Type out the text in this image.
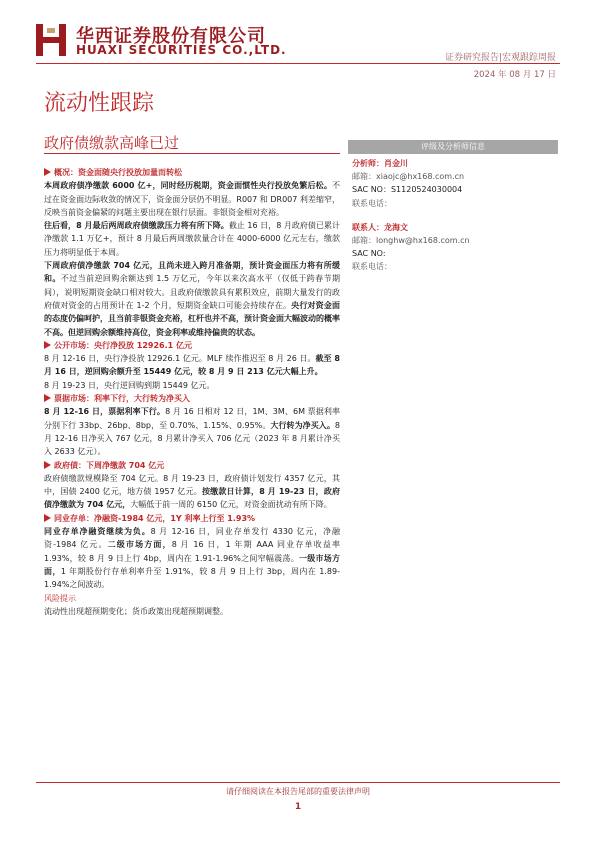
华西证券股份有限公司
HUAXI SECURITIES CO.,LTD.
证券研究报告|宏观跟踪周报
2024 年 08 月 17 日
流动性跟踪
政府债缴款高峰已过

概况：资金面随央行投放加量而转松

本周政府债净缴款 6000 亿+，同时经历税期，资金面惯性央行投放免繁后松。不过在资金面边际收敛的情况下，资金面分层仍不明显。R007 和 DR007 利差缩窄，反映当前资金偏紧的问题主要出现在银行层面。非银资金相对充裕。

往后看，8 月最后两周政府债缴款压力将有所下降。截止 16 日，8 月政府债已累计净缴款 1.1 万亿+，预计 8 月最后两周缴款量合计在 4000-6000 亿元左右，缴款压力将明显低于本周。

下周政府债净缴款 704 亿元，且尚未进入跨月准备期，预计资金面压力将有所缓和。不过当前逆回购余额达到 1.5 万亿元，今年以来次高水平（仅低于跨春节期间），说明短期资金缺口相对较大。且政府债缴款具有累积效应，前期大量发行的政府债对资金的占用预计在 1-2 个月，短期资金缺口可能会持续存在。央行对资金面的态度仍偏呵护，且当前非银资金充裕，杠杆也并不高，预计资金面大幅波动的概率不高。但逆回购余额维持高位，资金利率或维持偏贵的状态。

公开市场：央行净投放 12926.1 亿元

8 月 12-16 日，央行净投放 12926.1 亿元。MLF 续作推迟至 8 月 26 日。截至 8 月 16 日，逆回购余额升至 15449 亿元，较 8 月 9 日 213 亿元大幅上升。

8 月 19-23 日，央行逆回购到期 15449 亿元。

票据市场：利率下行，大行转为净买入

8 月 12-16 日，票据利率下行。8 月 16 日相对 12 日，1M、3M、6M 票据利率分别下行 33bp、26bp、8bp，至 0.70%、1.15%、0.95%。大行转为净买入。8 月 12-16 日净买入 767 亿元，8 月累计净买入 706 亿元（2023 年 8 月累计净买入 2633 亿元）。

政府债：下周净缴款 704 亿元

政府债缴款规模降至 704 亿元。8 月 19-23 日，政府债计划发行 4357 亿元，其中，国债 2400 亿元，地方债 1957 亿元。按缴款日计算，8 月 19-23 日，政府债净缴款为 704 亿元，大幅低于前一周的 6150 亿元，对资金面扰动有所下降。

同业存单：净融资-1984 亿元，1Y 利率上行至 1.93%

同业存单净融资继续为负。8 月 12-16 日，同业存单发行 4330 亿元，净融资-1984 亿元。二级市场方面，8 月 16 日，1 年期 AAA 同业存单收益率 1.93%，较 8 月 9 日上行 4bp，周内在 1.91-1.96%之间窄幅震荡。一级市场方面，1 年期股份行存单利率升至 1.91%，较 8 月 9 日上行 3bp，周内在 1.89-1.94%之间波动。

风险提示

流动性出现超预期变化；货币政策出现超预期调整。

评级及分析师信息

分析师：肖金川

邮箱：xiaojc@hx168.com.cn

SAC NO：S1120524030004

联系电话：

联系人：龙海文

邮箱：longhw@hx168.com.cn

SAC NO:

联系电话：

请仔细阅读在本报告尾部的重要法律声明
1
